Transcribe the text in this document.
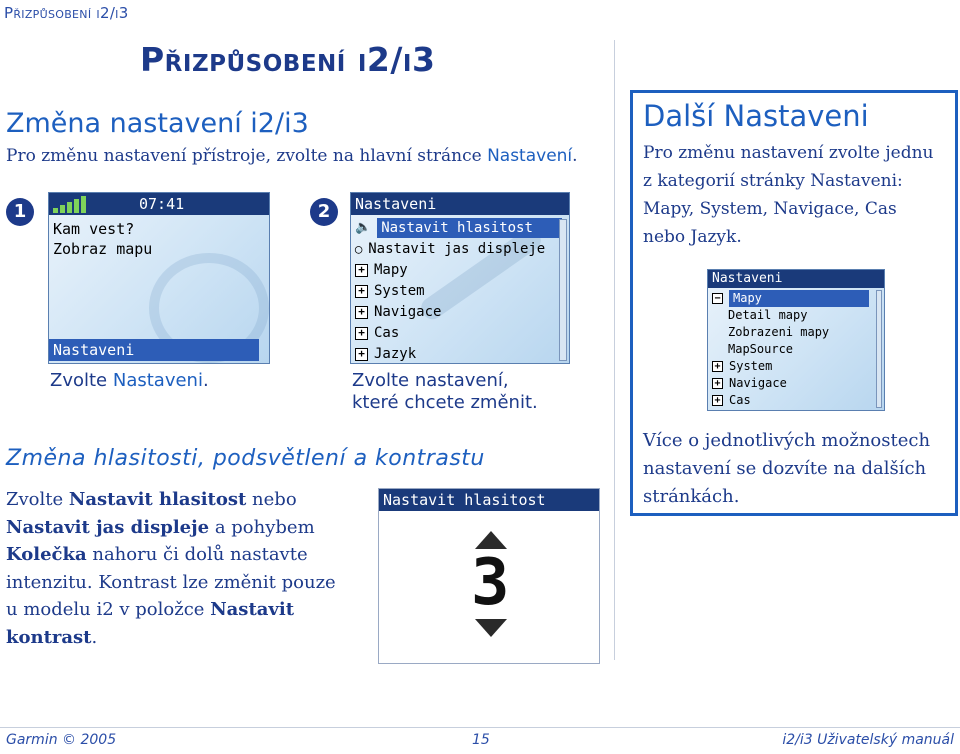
Přizpůsobení i2/i3
Přizpůsobení i2/i3
Změna nastavení i2/i3
Pro změnu nastavení přístroje, zvolte na hlavní stránce Nastavení.
1	07:41
Kam vest?
Zobraz mapu
Nastaveni
Zvolte Nastaveni.
2	Nastaveni
🔈 Nastavit hlasitost
◯ Nastavit jas displeje
+ Mapy
+ System
+ Navigace
+ Cas
+ Jazyk
Zvolte nastavení,
které chcete změnit.
Změna hlasitosti, podsvětlení a kontrastu
Zvolte Nastavit hlasitost nebo
Nastavit jas displeje a pohybem
Kolečka nahoru či dolů nastavte
intenzitu. Kontrast lze změnit pouze
u modelu i2 v položce Nastavit
kontrast.
Nastavit hlasitost
3
Další Nastaveni
Pro změnu nastavení zvolte jednu
z kategorií stránky Nastaveni:
Mapy, System, Navigace, Cas
nebo Jazyk.
Nastaveni
−	Mapy
Detail mapy
Zobrazeni mapy
MapSource
+ System
+ Navigace
+ Cas
Více o jednotlivých možnostech
nastavení se dozvíte na dalších
stránkách.
Garmin © 2005	15	i2/i3 Uživatelský manuál
